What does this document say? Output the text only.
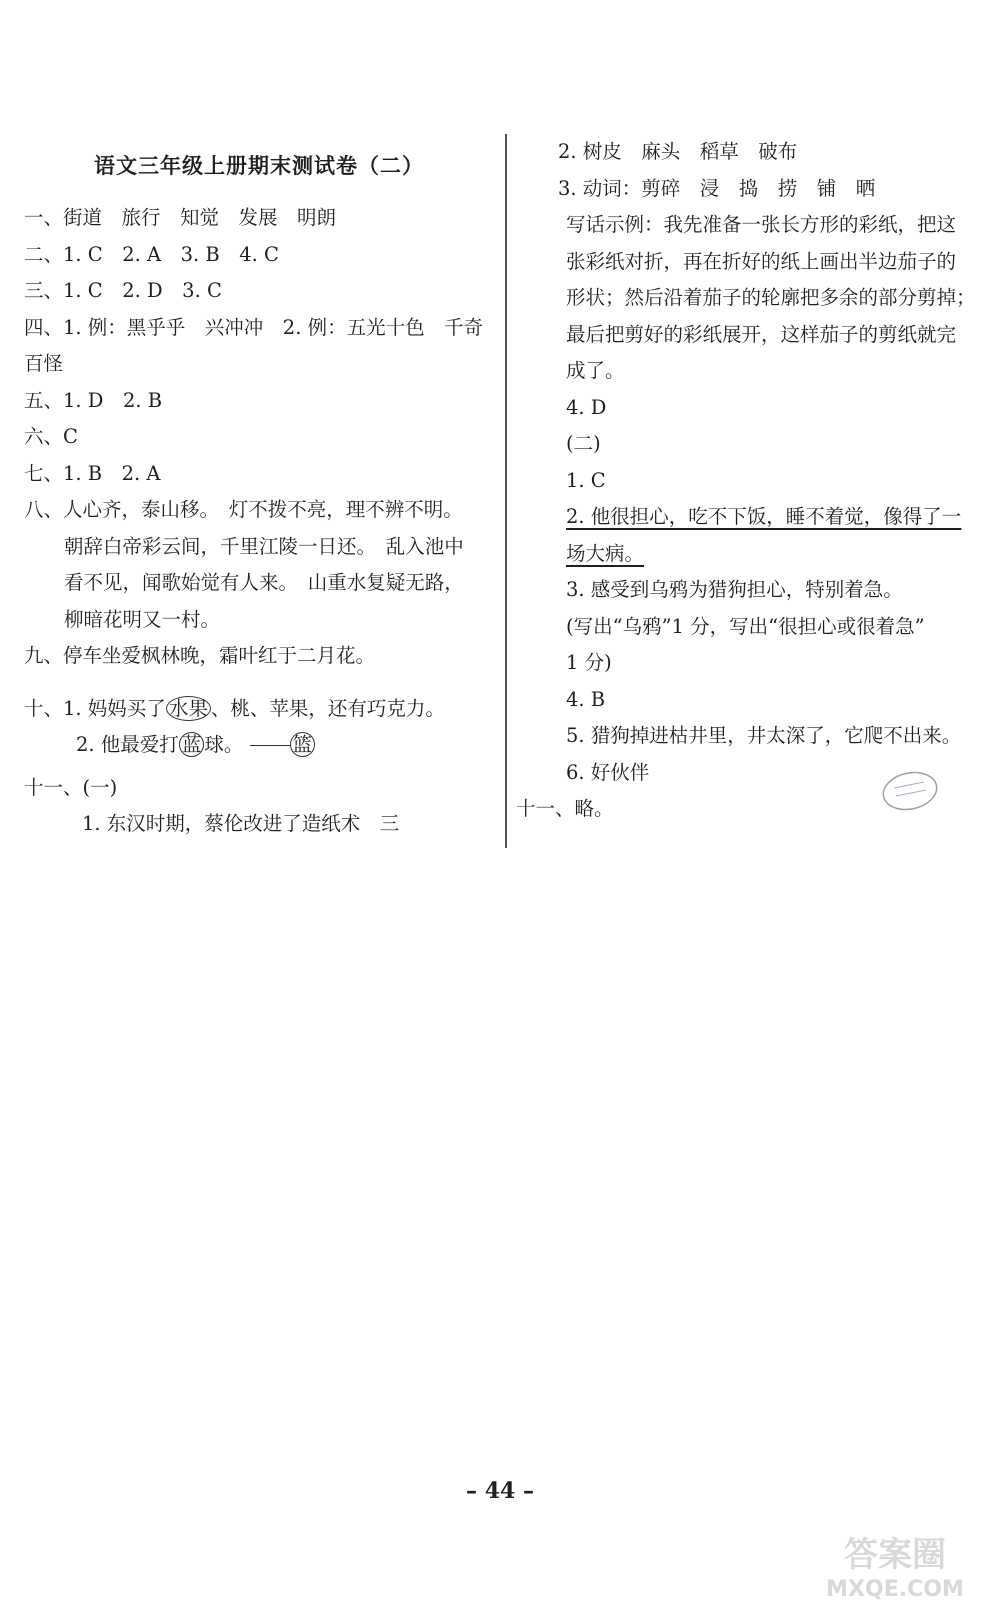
语文三年级上册期末测试卷（二）
一、街道　旅行　知觉　发展　明朗
二、1. C　2. A　3. B　4. C
三、1. C　2. D　3. C
四、1. 例：黑乎乎　兴冲冲　2. 例：五光十色　千奇
百怪
五、1. D　2. B
六、C
七、1. B　2. A
八、人心齐，泰山移。　灯不拨不亮，理不辨不明。
朝辞白帝彩云间，千里江陵一日还。　乱入池中
看不见，闻歌始觉有人来。　山重水复疑无路，
柳暗花明又一村。
九、停车坐爱枫林晚，霜叶红于二月花。
十、1. 妈妈买了 水果 、桃、苹果，还有巧克力。
2. 他最爱打 蓝 球。	篮
十一、(一)
1. 东汉时期，蔡伦改进了造纸术　三
2. 树皮　麻头　稻草　破布
3. 动词：剪碎　浸　捣　捞　铺　晒
写话示例：我先准备一张长方形的彩纸，把这
张彩纸对折，再在折好的纸上画出半边茄子的
形状；然后沿着茄子的轮廓把多余的部分剪掉；
最后把剪好的彩纸展开，这样茄子的剪纸就完
成了。
4. D
(二)
1. C
2. 他很担心，吃不下饭，睡不着觉，像得了一
场大病。
3. 感受到乌鸦为猎狗担心，特别着急。
(写出“乌鸦”1 分，写出“很担心或很着急”
1 分)
4. B
5. 猎狗掉进枯井里，井太深了，它爬不出来。
6. 好伙伴
十一、略。
– 44 –
答案圈
MXQE.COM
